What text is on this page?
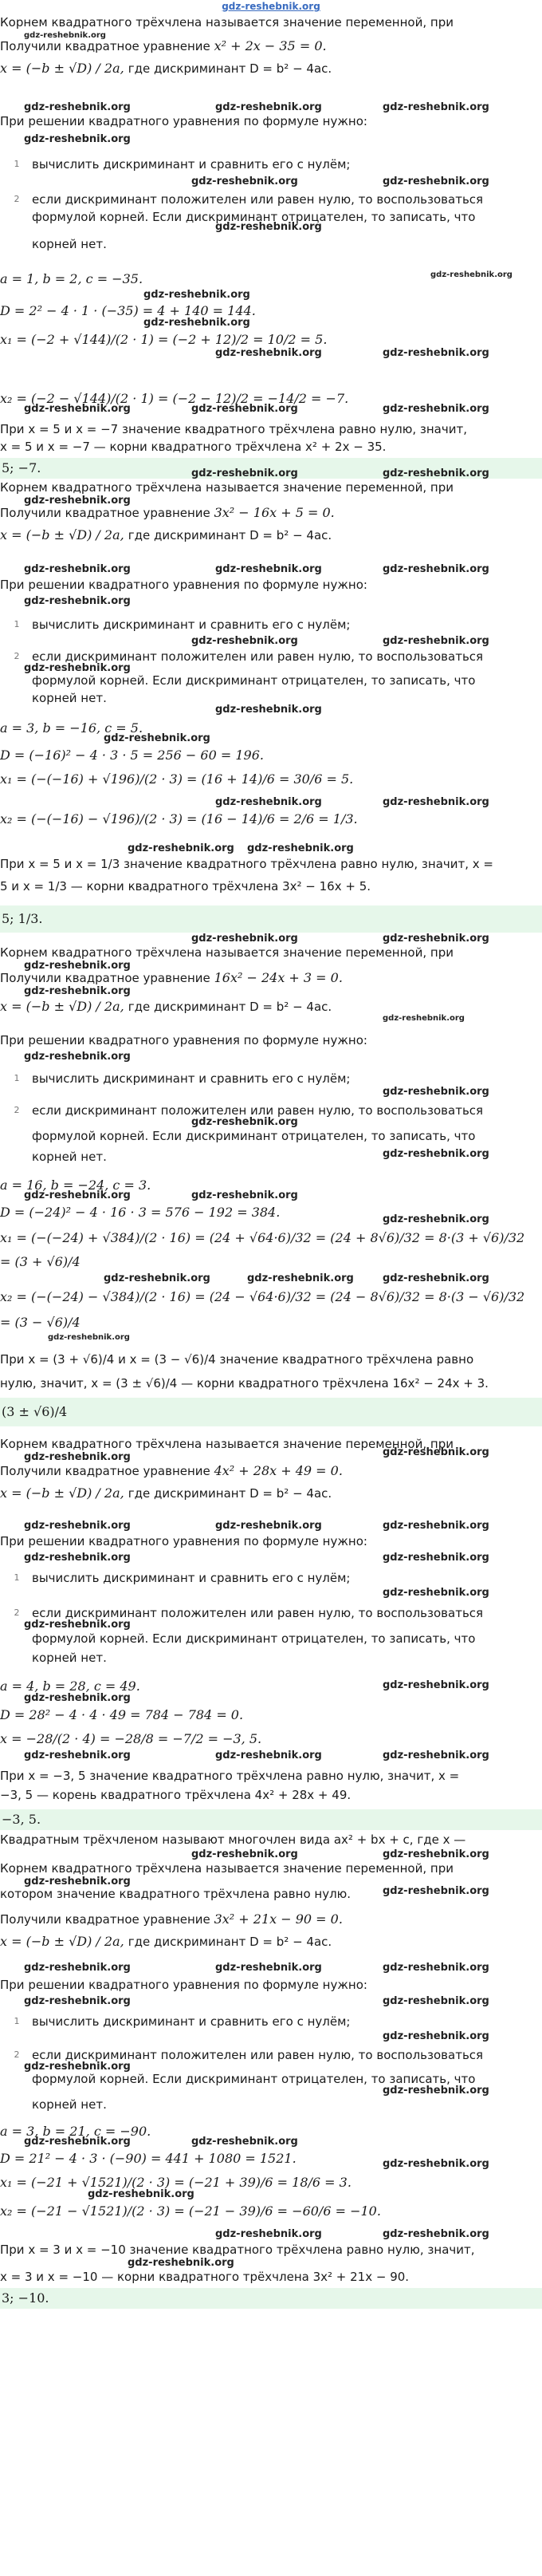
gdz-reshebnik.org
Корнем квадратного трёхчлена называется значение переменной, при
gdz-reshebnik.org
Получили квадратное уравнение x² + 2x − 35 = 0.
x = (−b ± √D) / 2a, где дискриминант D = b² − 4ac.
gdz-reshebnik.org	gdz-reshebnik.org	gdz-reshebnik.org
При решении квадратного уравнения по формуле нужно:
gdz-reshebnik.org
1 вычислить дискриминант и сравнить его с нулём;
gdz-reshebnik.org	gdz-reshebnik.org
2 если дискриминант положителен или равен нулю, то воспользоваться
формулой корней. Если дискриминант отрицателен, то записать, что
gdz-reshebnik.org
корней нет.
gdz-reshebnik.org
a = 1, b = 2, c = −35.
gdz-reshebnik.org
D = 2² − 4 · 1 · (−35) = 4 + 140 = 144.
gdz-reshebnik.org
x₁ = (−2 + √144)/(2 · 1) = (−2 + 12)/2 = 10/2 = 5.
gdz-reshebnik.org	gdz-reshebnik.org
x₂ = (−2 − √144)/(2 · 1) = (−2 − 12)/2 = −14/2 = −7.
gdz-reshebnik.org	gdz-reshebnik.org	gdz-reshebnik.org
При x = 5 и x = −7 значение квадратного трёхчлена равно нулю, значит,
x = 5 и x = −7 — корни квадратного трёхчлена x² + 2x − 35.
5; −7.	gdz-reshebnik.org	gdz-reshebnik.org
Корнем квадратного трёхчлена называется значение переменной, при
gdz-reshebnik.org
Получили квадратное уравнение 3x² − 16x + 5 = 0.
x = (−b ± √D) / 2a, где дискриминант D = b² − 4ac.
gdz-reshebnik.org	gdz-reshebnik.org	gdz-reshebnik.org
При решении квадратного уравнения по формуле нужно:
gdz-reshebnik.org
1 вычислить дискриминант и сравнить его с нулём;
gdz-reshebnik.org	gdz-reshebnik.org
2 если дискриминант положителен или равен нулю, то воспользоваться
gdz-reshebnik.org
формулой корней. Если дискриминант отрицателен, то записать, что
корней нет.
gdz-reshebnik.org
a = 3, b = −16, c = 5.
gdz-reshebnik.org
D = (−16)² − 4 · 3 · 5 = 256 − 60 = 196.
x₁ = (−(−16) + √196)/(2 · 3) = (16 + 14)/6 = 30/6 = 5.
gdz-reshebnik.org	gdz-reshebnik.org
x₂ = (−(−16) − √196)/(2 · 3) = (16 − 14)/6 = 2/6 = 1/3.
gdz-reshebnik.org gdz-reshebnik.org
При x = 5 и x = 1/3 значение квадратного трёхчлена равно нулю, значит, x =
5 и x = 1/3 — корни квадратного трёхчлена 3x² − 16x + 5.
5; 1/3.
gdz-reshebnik.org	gdz-reshebnik.org
Корнем квадратного трёхчлена называется значение переменной, при
gdz-reshebnik.org
Получили квадратное уравнение 16x² − 24x + 3 = 0.
gdz-reshebnik.org
x = (−b ± √D) / 2a, где дискриминант D = b² − 4ac.
gdz-reshebnik.org
При решении квадратного уравнения по формуле нужно:
gdz-reshebnik.org
1 вычислить дискриминант и сравнить его с нулём;
gdz-reshebnik.org
2 если дискриминант положителен или равен нулю, то воспользоваться
gdz-reshebnik.org
формулой корней. Если дискриминант отрицателен, то записать, что
корней нет.	gdz-reshebnik.org
a = 16, b = −24, c = 3.
gdz-reshebnik.org	gdz-reshebnik.org
D = (−24)² − 4 · 16 · 3 = 576 − 192 = 384.	gdz-reshebnik.org
x₁ = (−(−24) + √384)/(2 · 16) = (24 + √64·6)/32 = (24 + 8√6)/32 = 8·(3 + √6)/32
= (3 + √6)/4
gdz-reshebnik.org	gdz-reshebnik.org	gdz-reshebnik.org
x₂ = (−(−24) − √384)/(2 · 16) = (24 − √64·6)/32 = (24 − 8√6)/32 = 8·(3 − √6)/32
= (3 − √6)/4
gdz-reshebnik.org
При x = (3 + √6)/4 и x = (3 − √6)/4 значение квадратного трёхчлена равно
нулю, значит, x = (3 ± √6)/4 — корни квадратного трёхчлена 16x² − 24x + 3.
(3 ± √6)/4
Корнем квадратного трёхчлена называется значение переменной, при
gdz-reshebnik.org	gdz-reshebnik.org
Получили квадратное уравнение 4x² + 28x + 49 = 0.
x = (−b ± √D) / 2a, где дискриминант D = b² − 4ac.
gdz-reshebnik.org	gdz-reshebnik.org	gdz-reshebnik.org
При решении квадратного уравнения по формуле нужно:
gdz-reshebnik.org	gdz-reshebnik.org
1 вычислить дискриминант и сравнить его с нулём;
gdz-reshebnik.org
2 если дискриминант положителен или равен нулю, то воспользоваться
gdz-reshebnik.org
формулой корней. Если дискриминант отрицателен, то записать, что
корней нет.
a = 4, b = 28, c = 49.	gdz-reshebnik.org
gdz-reshebnik.org
D = 28² − 4 · 4 · 49 = 784 − 784 = 0.
x = −28/(2 · 4) = −28/8 = −7/2 = −3, 5.
gdz-reshebnik.org	gdz-reshebnik.org	gdz-reshebnik.org
При x = −3, 5 значение квадратного трёхчлена равно нулю, значит, x =
−3, 5 — корень квадратного трёхчлена 4x² + 28x + 49.
−3, 5.
Квадратным трёхчленом называют многочлен вида ax² + bx + c, где x —
gdz-reshebnik.org	gdz-reshebnik.org
Корнем квадратного трёхчлена называется значение переменной, при
gdz-reshebnik.org
котором значение квадратного трёхчлена равно нулю.	gdz-reshebnik.org
Получили квадратное уравнение 3x² + 21x − 90 = 0.
x = (−b ± √D) / 2a, где дискриминант D = b² − 4ac.
gdz-reshebnik.org	gdz-reshebnik.org	gdz-reshebnik.org
При решении квадратного уравнения по формуле нужно:
gdz-reshebnik.org	gdz-reshebnik.org
1 вычислить дискриминант и сравнить его с нулём;
gdz-reshebnik.org
2 если дискриминант положителен или равен нулю, то воспользоваться
gdz-reshebnik.org
формулой корней. Если дискриминант отрицателен, то записать, что
gdz-reshebnik.org
корней нет.
a = 3, b = 21, c = −90.
gdz-reshebnik.org	gdz-reshebnik.org
D = 21² − 4 · 3 · (−90) = 441 + 1080 = 1521.	gdz-reshebnik.org
x₁ = (−21 + √1521)/(2 · 3) = (−21 + 39)/6 = 18/6 = 3.
gdz-reshebnik.org
x₂ = (−21 − √1521)/(2 · 3) = (−21 − 39)/6 = −60/6 = −10.
gdz-reshebnik.org	gdz-reshebnik.org
При x = 3 и x = −10 значение квадратного трёхчлена равно нулю, значит,
gdz-reshebnik.org
x = 3 и x = −10 — корни квадратного трёхчлена 3x² + 21x − 90.
3; −10.
